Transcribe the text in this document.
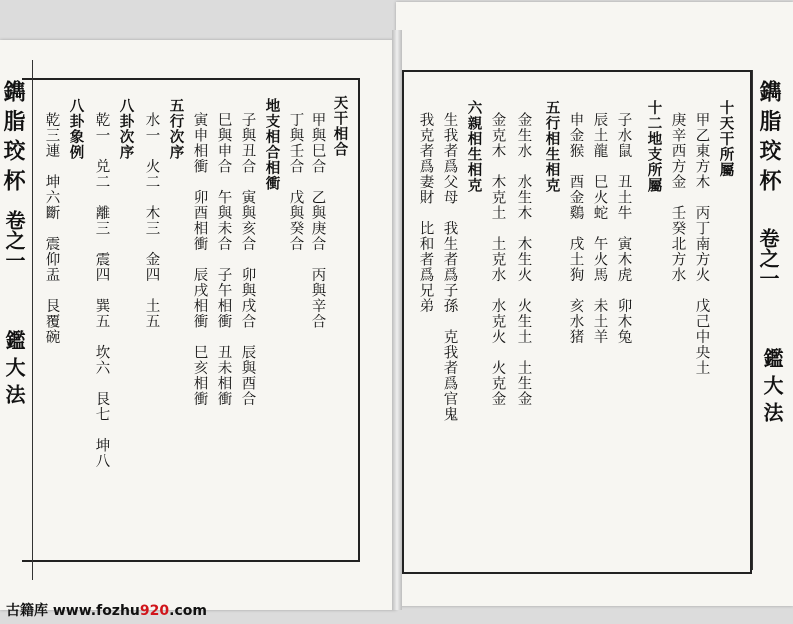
鐫 脂 珓 杯
卷之一
鑑 大 法
鐫 脂 珓 杯
卷之一
鑑 大 法
十天干所屬
甲乙東方木　丙丁南方火　戊己中央土
庚辛西方金　壬癸北方水
十二地支所屬
子水鼠　丑土牛　寅木虎　卯木兔
辰土龍　巳火蛇　午火馬　未土羊
申金猴　酉金鷄　戌土狗　亥水猪
五行相生相克
金生水　水生木　木生火　火生土　土生金
金克木　木克土　土克水　水克火　火克金
六親相生相克
生我者爲父母　我生者爲子孫　克我者爲官鬼
我克者爲妻財　比和者爲兄弟
天干相合
甲與巳合　乙與庚合　丙與辛合
丁與壬合　戊與癸合
地支相合相衝
子與丑合　寅與亥合　卯與戌合　辰與酉合
巳與申合　午與未合　子午相衝　丑未相衝
寅申相衝　卯酉相衝　辰戌相衝　巳亥相衝
五行次序
水一　火二　木三　金四　土五
八卦次序
乾一　兑二　離三　震四　巽五　坎六　艮七　坤八
八卦象例
乾三連　坤六斷　震仰盂　艮覆碗
古籍库 www.fozhu920.com
